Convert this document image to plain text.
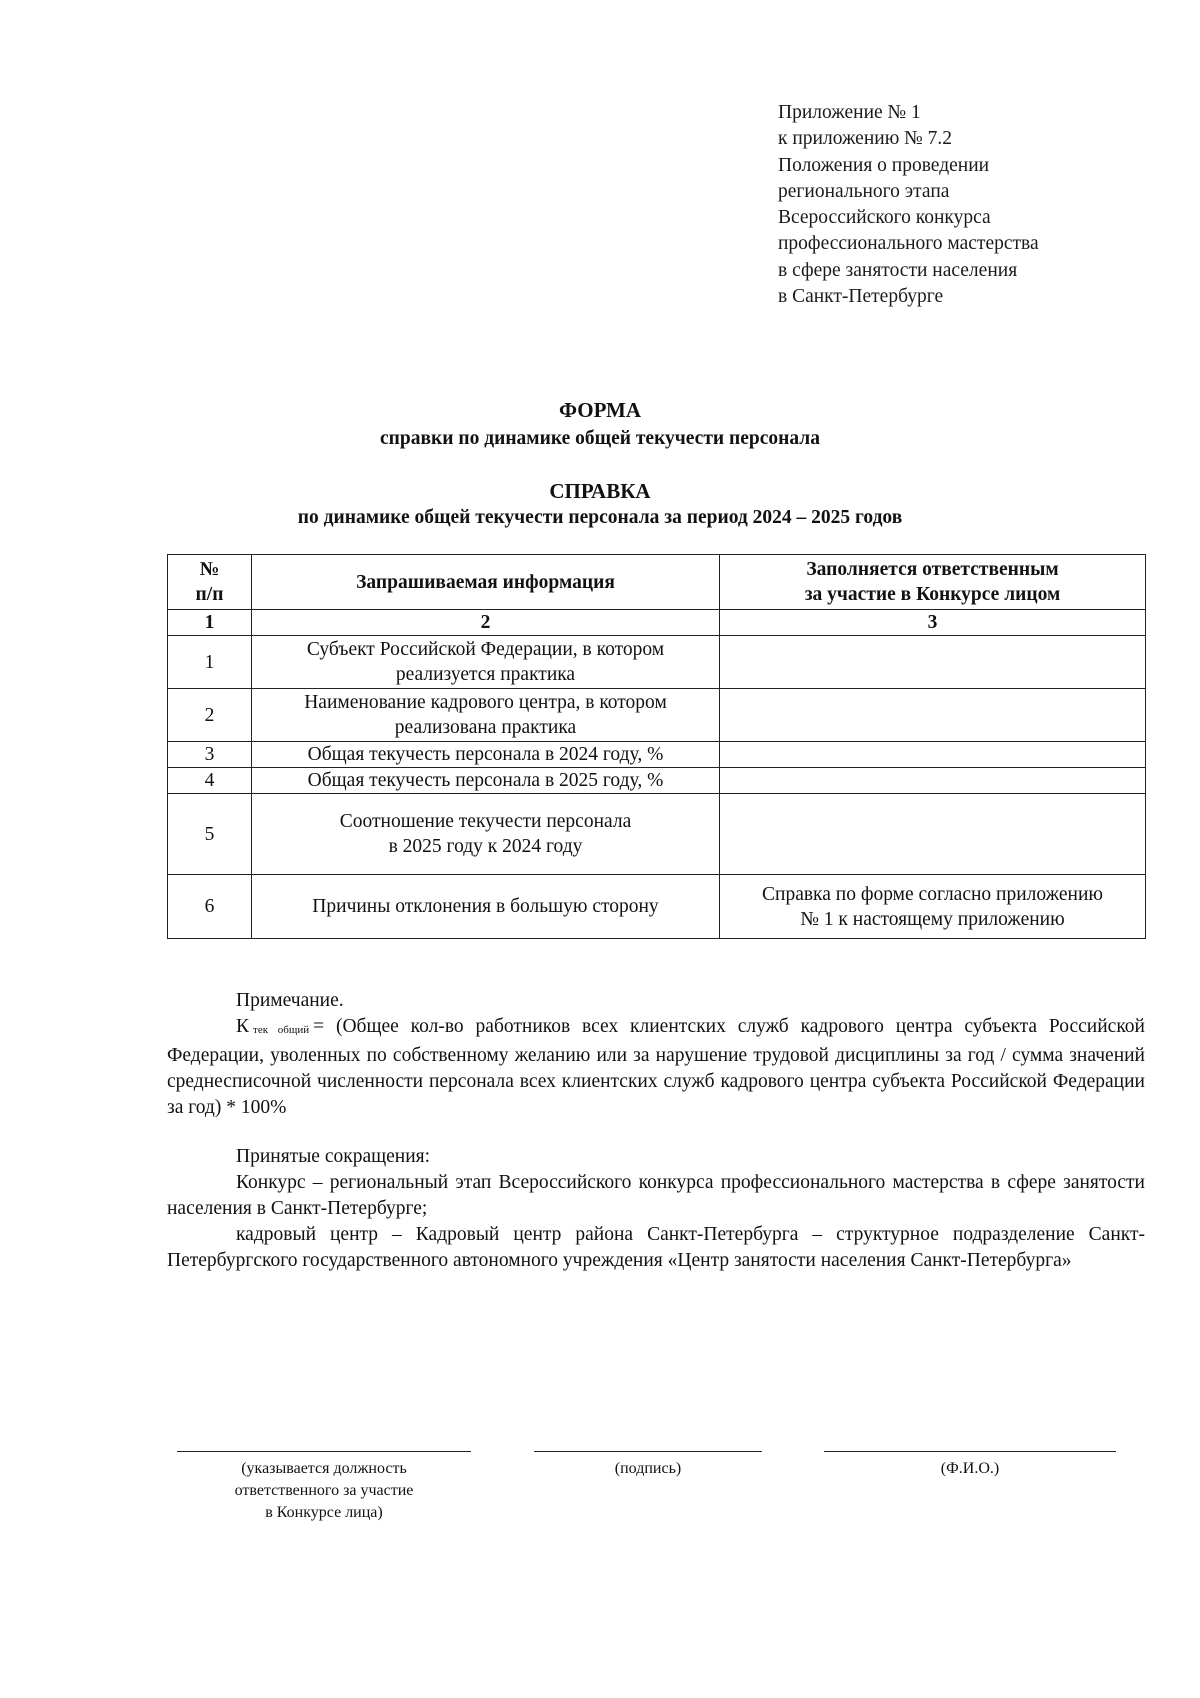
Приложение № 1
к приложению № 7.2
Положения о проведении
регионального этапа
Всероссийского конкурса
профессионального мастерства
в сфере занятости населения
в Санкт-Петербурге
ФОРМА
справки по динамике общей текучести персонала
СПРАВКА
по динамике общей текучести персонала за период 2024 – 2025 годов
№
п/п	Запрашиваемая информация	Заполняется ответственным
за участие в Конкурсе лицом
1	2	3
1	Субъект Российской Федерации, в котором
реализуется практика	
2	Наименование кадрового центра, в котором
реализована практика	
3	Общая текучесть персонала в 2024 году, %	
4	Общая текучесть персонала в 2025 году, %	
5	Соотношение текучести персонала
в 2025 году к 2024 году	
6	Причины отклонения в большую сторону	Справка по форме согласно приложению
№ 1 к настоящему приложению
Примечание.
Ктек общий = (Общее кол-во работников всех клиентских служб кадрового центра субъекта Российской Федерации, уволенных по собственному желанию или за нарушение трудовой дисциплины за год / сумма значений среднесписочной численности персонала всех клиентских служб кадрового центра субъекта Российской Федерации за год) * 100%
Принятые сокращения:
Конкурс – региональный этап Всероссийского конкурса профессионального мастерства в сфере занятости населения в Санкт-Петербурге;
кадровый центр – Кадровый центр района Санкт-Петербурга – структурное подразделение Санкт-Петербургского государственного автономного учреждения «Центр занятости населения Санкт-Петербурга»
(указывается должность
ответственного за участие
в Конкурсе лица)
(подпись)	(Ф.И.О.)
